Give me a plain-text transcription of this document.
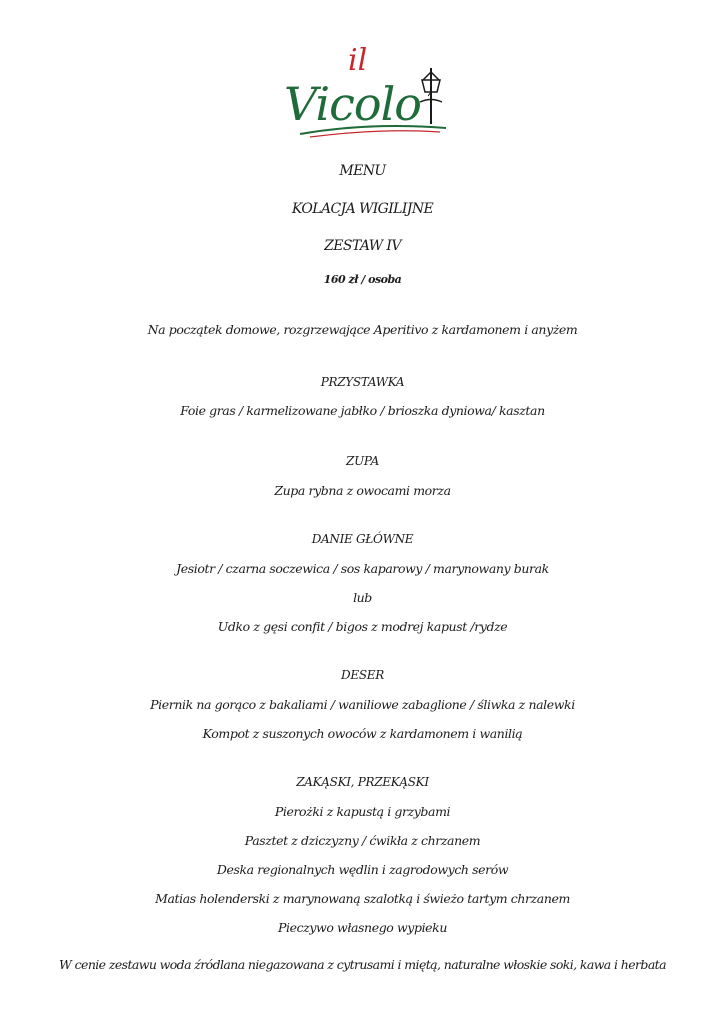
il
Vicolo
MENU
KOLACJA WIGILIJNE
ZESTAW IV
160 zł / osoba
Na początek domowe, rozgrzewające Aperitivo z kardamonem i anyżem
PRZYSTAWKA
Foie gras / karmelizowane jabłko / brioszka dyniowa/ kasztan
ZUPA
Zupa rybna z owocami morza
DANIE GŁÓWNE
Jesiotr / czarna soczewica / sos kaparowy / marynowany burak
lub
Udko z gęsi confit / bigos z modrej kapust /rydze
DESER
Piernik na gorąco z bakaliami / waniliowe zabaglione / śliwka z nalewki
Kompot z suszonych owoców z kardamonem i wanilią
ZAKĄSKI, PRZEKĄSKI
Pierożki z kapustą i grzybami
Pasztet z dziczyzny / ćwikła z chrzanem
Deska regionalnych wędlin i zagrodowych serów
Matias holenderski z marynowaną szalotką i świeżo tartym chrzanem
Pieczywo własnego wypieku
W cenie zestawu woda źródlana niegazowana z cytrusami i miętą, naturalne włoskie soki, kawa i herbata
